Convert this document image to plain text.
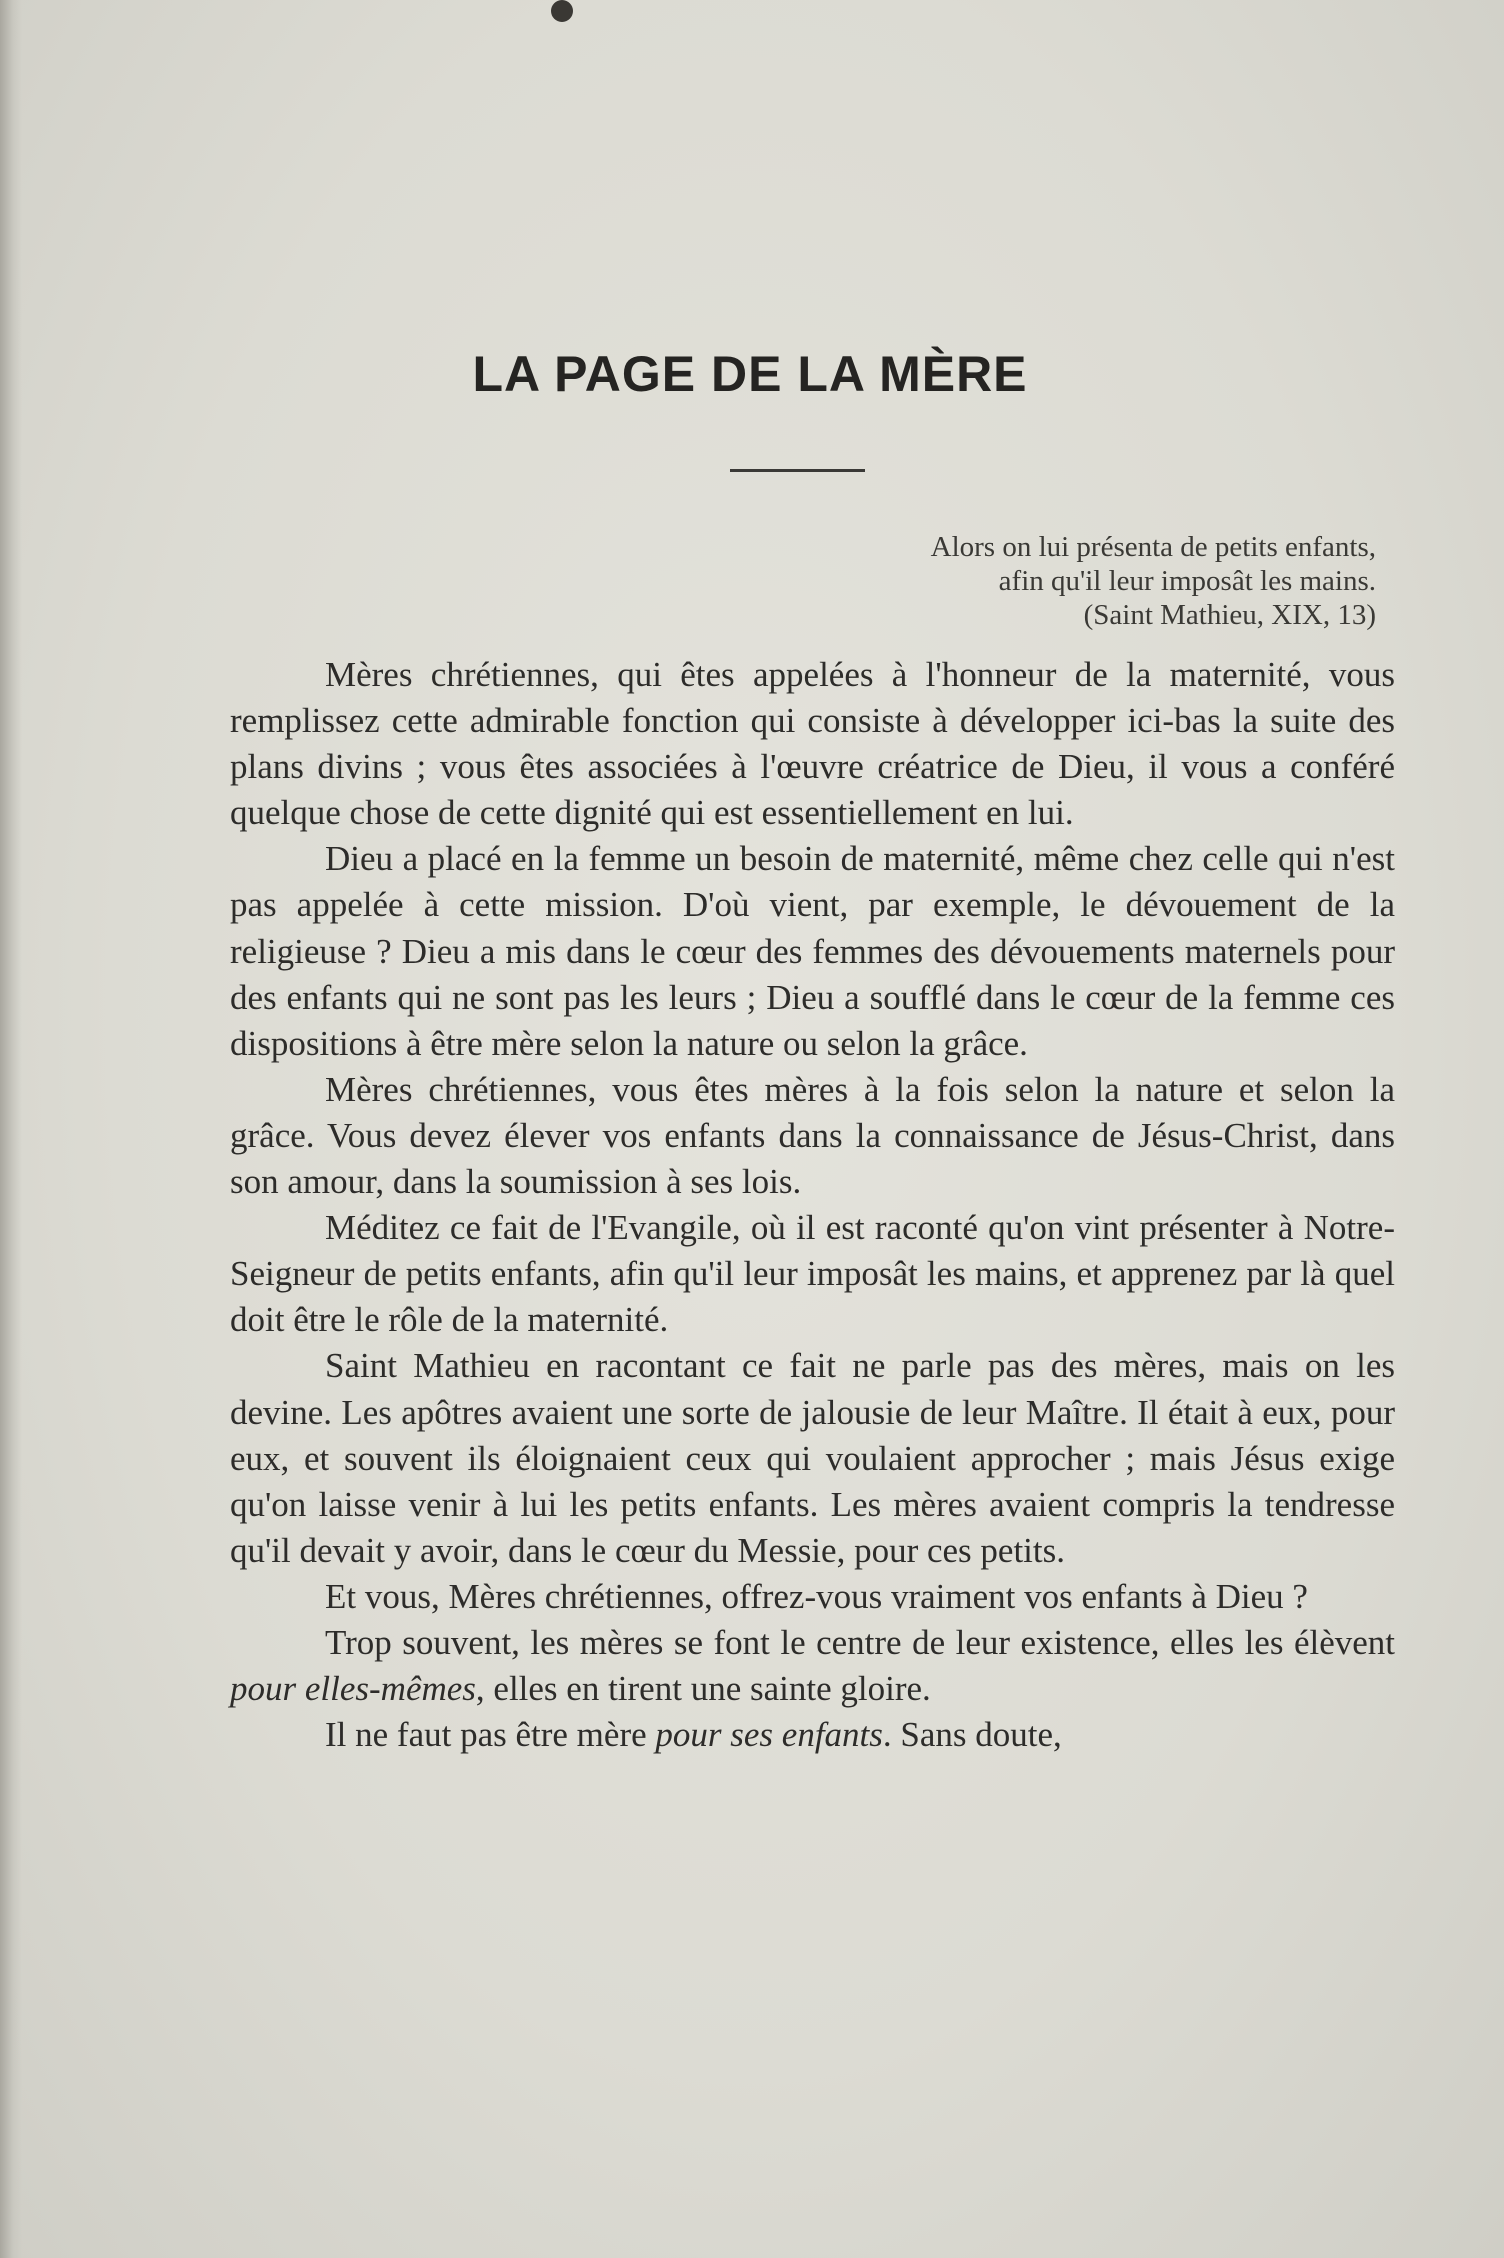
LA PAGE DE LA MÈRE
Alors on lui présenta de petits enfants,
afin qu'il leur imposât les mains.
(Saint Mathieu, XIX, 13)

Mères chrétiennes, qui êtes appelées à l'honneur de la maternité, vous remplissez cette admirable fonction qui consiste à développer ici-bas la suite des plans divins ; vous êtes associées à l'œuvre créatrice de Dieu, il vous a conféré quelque chose de cette dignité qui est essentiellement en lui.

Dieu a placé en la femme un besoin de maternité, même chez celle qui n'est pas appelée à cette mission. D'où vient, par exemple, le dévouement de la religieuse ? Dieu a mis dans le cœur des femmes des dévouements maternels pour des enfants qui ne sont pas les leurs ; Dieu a soufflé dans le cœur de la femme ces dispositions à être mère selon la nature ou selon la grâce.

Mères chrétiennes, vous êtes mères à la fois selon la nature et selon la grâce. Vous devez élever vos enfants dans la connaissance de Jésus-Christ, dans son amour, dans la soumission à ses lois.

Méditez ce fait de l'Evangile, où il est raconté qu'on vint présenter à Notre-Seigneur de petits enfants, afin qu'il leur imposât les mains, et apprenez par là quel doit être le rôle de la maternité.

Saint Mathieu en racontant ce fait ne parle pas des mères, mais on les devine. Les apôtres avaient une sorte de jalousie de leur Maître. Il était à eux, pour eux, et souvent ils éloignaient ceux qui voulaient approcher ; mais Jésus exige qu'on laisse venir à lui les petits enfants. Les mères avaient compris la tendresse qu'il devait y avoir, dans le cœur du Messie, pour ces petits.

Et vous, Mères chrétiennes, offrez-vous vraiment vos enfants à Dieu ?

Trop souvent, les mères se font le centre de leur existence, elles les élèvent pour elles-mêmes, elles en tirent une sainte gloire.

Il ne faut pas être mère pour ses enfants. Sans doute,
